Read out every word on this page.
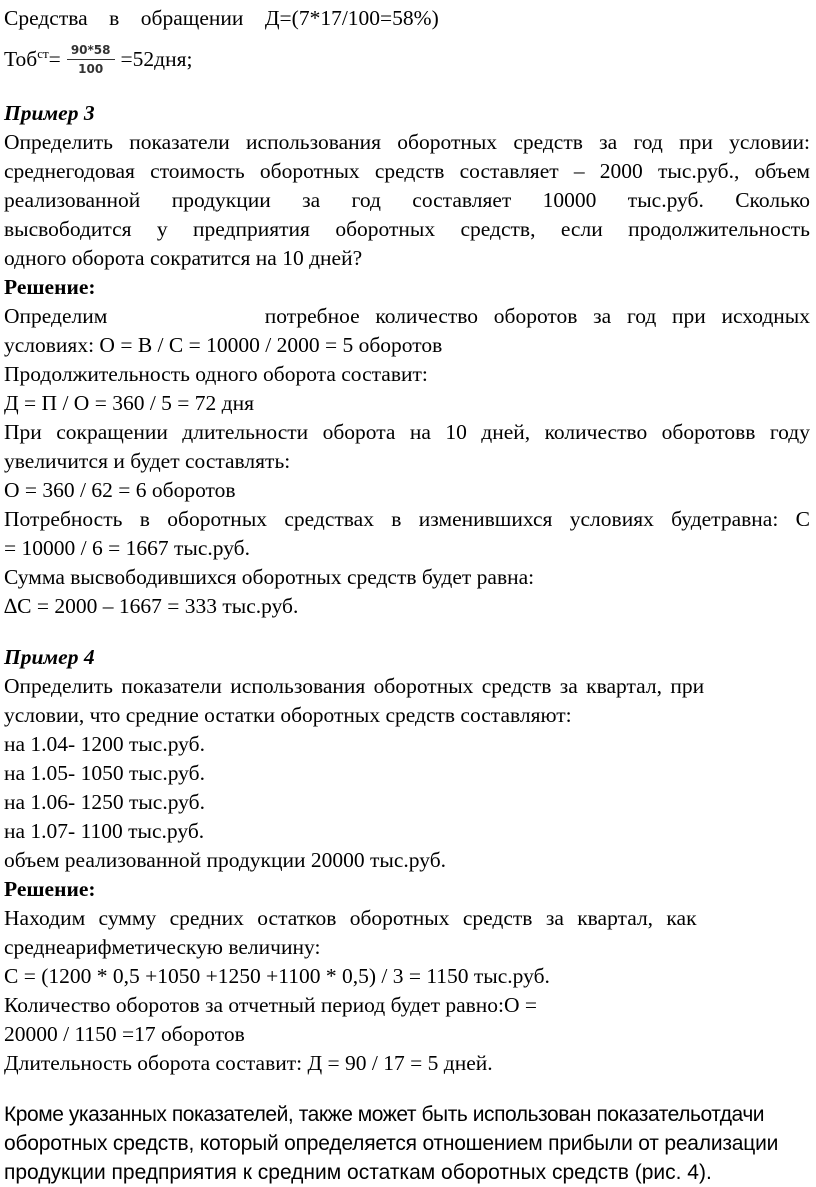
Средства    в    обращении    Д=(7*17/100=58%)
$Тоб^{ст}= \frac{90*58}{100} =52дня$;
Пример 3
Определить показатели использования оборотных средств за год при условии:
среднегодовая стоимость оборотных средств составляет – 2000 тыс.руб., объем
реализованной продукции за год составляет 10000 тыс.руб. Сколько
высвободится у предприятия оборотных средств, если продолжительность
одного оборота сократится на 10 дней?
Решение:
Определим          потребное количество оборотов за год при исходных
условиях: О = В / С = 10000 / 2000 = 5 оборотов
Продолжительность одного оборота составит:
Д = П / О = 360 / 5 = 72 дня
При сокращении длительности оборота на 10 дней, количество оборотовв году
увеличится и будет составлять:
О = 360 / 62 = 6 оборотов
Потребность в оборотных средствах в изменившихся условиях будетравна: С
= 10000 / 6 = 1667 тыс.руб.
Сумма высвободившихся оборотных средств будет равна:
∆С = 2000 – 1667 = 333 тыс.руб.
Пример 4
Определить показатели использования оборотных средств за квартал, при
условии, что средние остатки оборотных средств составляют:
на 1.04- 1200 тыс.руб.
на 1.05- 1050 тыс.руб.
на 1.06- 1250 тыс.руб.
на 1.07- 1100 тыс.руб.
объем реализованной продукции 20000 тыс.руб.
Решение:
Находим сумму средних остатков оборотных средств за квартал, как
среднеарифметическую величину:
С = (1200 * 0,5 +1050 +1250 +1100 * 0,5) / 3 = 1150 тыс.руб.
Количество оборотов за отчетный период будет равно:О =
20000 / 1150 =17 оборотов
Длительность оборота составит: Д = 90 / 17 = 5 дней.
Кроме указанных показателей, также может быть использован показательотдачи
оборотных средств, который определяется отношением прибыли от реализации
продукции предприятия к средним остаткам оборотных средств (рис. 4).
